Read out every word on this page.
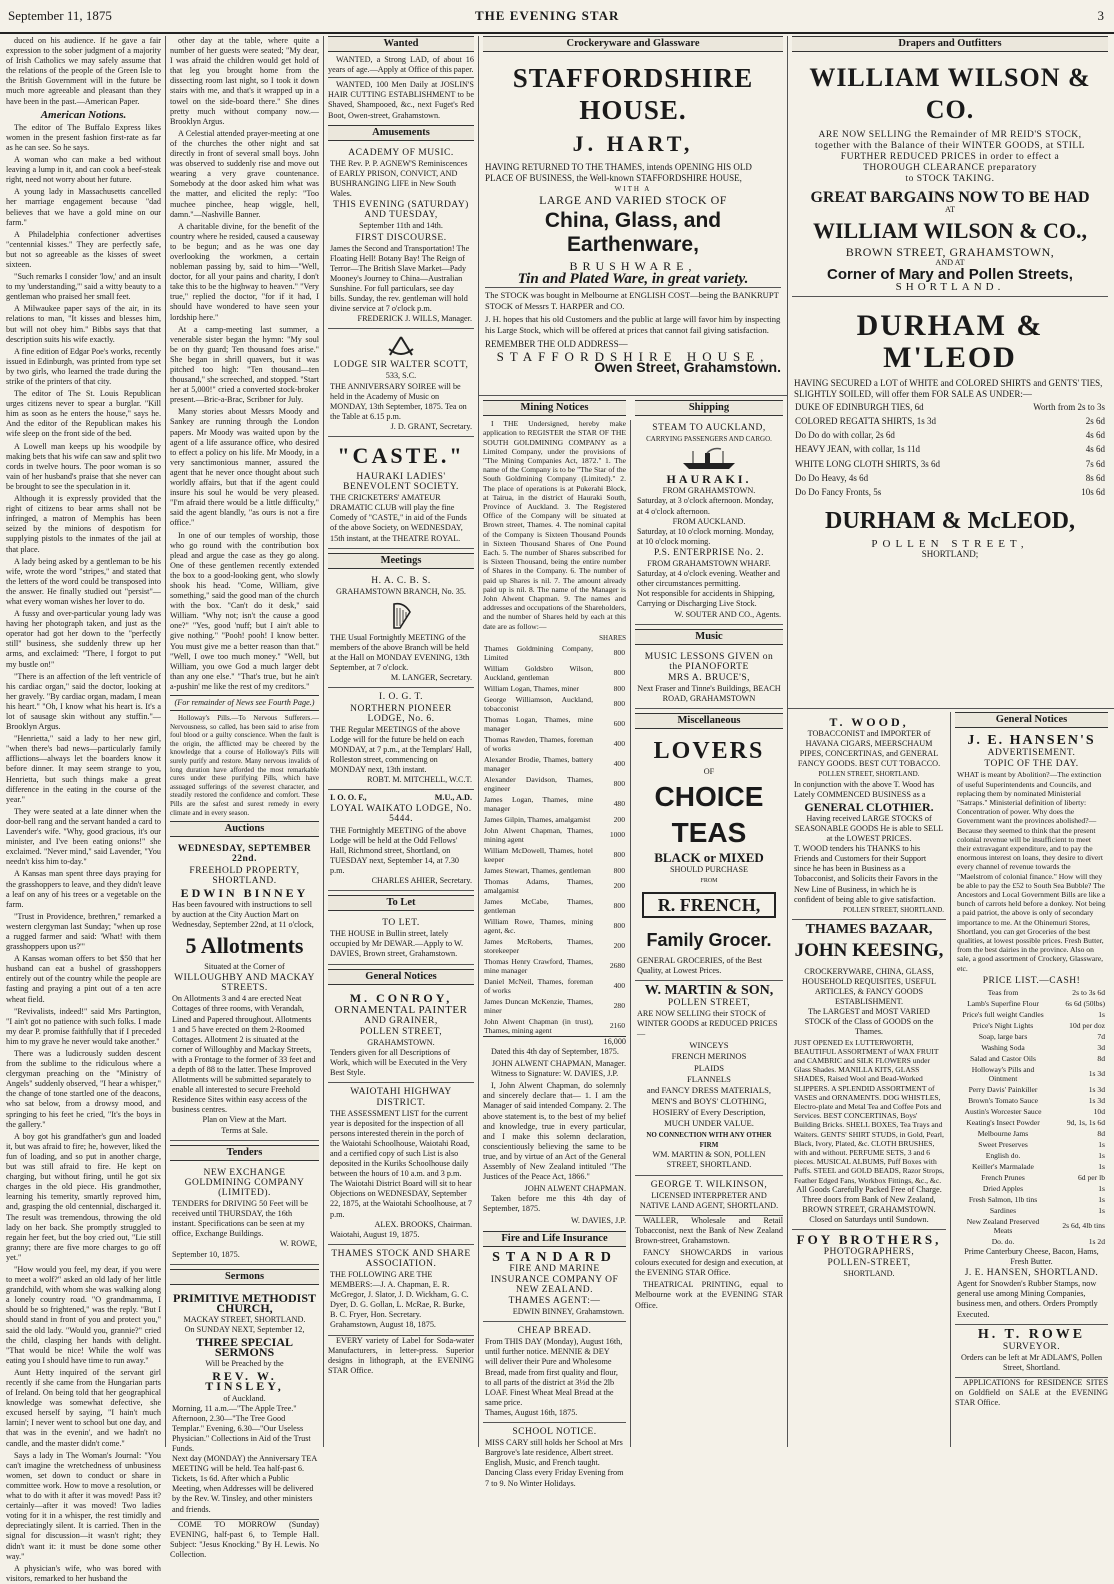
September 11, 1875	THE EVENING STAR	3

duced on his audience. If he gave a fair expression to the sober judgment of a majority of Irish Catholics we may safely assume that the relations of the people of the Green Isle to the British Government will in the future be much more agreeable and pleasant than they have been in the past.—American Paper.

American Notions.

The editor of The Buffalo Express likes women in the present fashion first-rate as far as he can see. So he says.

A woman who can make a bed without leaving a lump in it, and can cook a beef-steak right, need not worry about her future.

A young lady in Massachusetts cancelled her marriage engagement because "dad believes that we have a gold mine on our farm."

A Philadelphia confectioner advertises "centennial kisses." They are perfectly safe, but not so agreeable as the kisses of sweet sixteen.

"Such remarks I consider 'low,' and an insult to my 'understanding,'" said a witty beauty to a gentleman who praised her small feet.

A Milwaukee paper says of the air, in its relations to man, "It kisses and blesses him, but will not obey him." Bibbs says that that description suits his wife exactly.

A fine edition of Edgar Poe's works, recently issued in Edinburgh, was printed from type set by two girls, who learned the trade during the strike of the printers of that city.

The editor of The St. Louis Republican urges citizens never to spear a burglar. "Kill him as soon as he enters the house," says he. And the editor of the Republican makes his wife sleep on the front side of the bed.

A Lowell man keeps up his woodpile by making bets that his wife can saw and split two cords in twelve hours. The poor woman is so vain of her husband's praise that she never can be brought to see the speculation in it.

Although it is expressly provided that the right of citizens to bear arms shall not be infringed, a matron of Memphis has been seized by the minions of despotism for supplying pistols to the inmates of the jail at that place.

A lady being asked by a gentleman to be his wife, wrote the word "stripes," and stated that the letters of the word could be transposed into the answer. He finally studied out "persist"—what every woman wishes her lover to do.

A fussy and over-particular young lady was having her photograph taken, and just as the operator had got her down to the "perfectly still" business, she suddenly threw up her arms, and exclaimed: "There, I forgot to put my bustle on!"

"There is an affection of the left ventricle of his cardiac organ," said the doctor, looking at her gravely. "By cardiac organ, madam, I mean his heart." "Oh, I know what his heart is. It's a lot of sausage skin without any stuffin."—Brooklyn Argus.

"Henrietta," said a lady to her new girl, "when there's bad news—particularly family afflictions—always let the boarders know it before dinner. It may seem strange to you, Henrietta, but such things make a great difference in the eating in the course of the year."

They were seated at a late dinner when the door-bell rang and the servant handed a card to Lavender's wife. "Why, good gracious, it's our minister, and I've been eating onions!" she exclaimed. "Never mind," said Lavender, "You needn't kiss him to-day."

A Kansas man spent three days praying for the grasshoppers to leave, and they didn't leave a leaf on any of his trees or a vegetable on the farm.

"Trust in Providence, brethren," remarked a western clergyman last Sunday; "when up rose a rugged farmer and said: 'What! with them grasshoppers upon us?'"

A Kansas woman offers to bet $50 that her husband can eat a bushel of grasshoppers entirely out of the country while the people are fasting and praying a pint out of a ten acre wheat field.

"Revivalists, indeed!" said Mrs Partington, "I ain't got no patience with such folks. I made my dear P. promise faithfully that if I preceded him to my grave he never would take another."

There was a ludicrously sudden descent from the sublime to the ridiculous where a clergyman preaching on the "Ministry of Angels" suddenly observed, "I hear a whisper," the change of tone startled one of the deacons, who sat below, from a drowsy mood, and springing to his feet he cried, "It's the boys in the gallery."

A boy got his grandfather's gun and loaded it, but was afraid to fire; he, however, liked the fun of loading, and so put in another charge, but was still afraid to fire. He kept on charging, but without firing, until he got six charges in the old piece. His grandmother, learning his temerity, smartly reproved him, and, grasping the old centennial, discharged it. The result was tremendous, throwing the old lady on her back. She promptly struggled to regain her feet, but the boy cried out, "Lie still granny; there are five more charges to go off yet."

"How would you feel, my dear, if you were to meet a wolf?" asked an old lady of her little grandchild, with whom she was walking along a lonely country road. "O grandmamma, I should be so frightened," was the reply. "But I should stand in front of you and protect you," said the old lady. "Would you, grannie?" cried the child, clasping her hands with delight. "That would be nice! While the wolf was eating you I should have time to run away."

Aunt Hetty inquired of the servant girl recently if she came from the Hungarian parts of Ireland. On being told that her geographical knowledge was somewhat defective, she excused herself by saying, "I hain't much larnin'; I never went to school but one day, and that was in the evenin', and we hadn't no candle, and the master didn't come."

Says a lady in The Woman's Journal: "You can't imagine the wretchedness of unbusiness women, set down to conduct or share in committee work. How to move a resolution, or what to do with it after it was moved! Pass it? certainly—after it was moved! Two ladies voting for it in a whisper, the rest timidly and depreciatingly silent. It is carried. Then in the signal for discussion—it wasn't right; they didn't want it: it must be done some other way."

A physician's wife, who was bored with visitors, remarked to her husband the

other day at the table, where quite a number of her guests were seated; "My dear, I was afraid the children would get hold of that leg you brought home from the dissecting room last night, so I took it down stairs with me, and that's it wrapped up in a towel on the side-board there." She dines pretty much without company now.—Brooklyn Argus.

A Celestial attended prayer-meeting at one of the churches the other night and sat directly in front of several small boys. John was observed to suddenly rise and move out wearing a very grave countenance. Somebody at the door asked him what was the matter, and elicited the reply: "Too muchee pinchee, heap wiggle, hell, damn."—Nashville Banner.

A charitable divine, for the benefit of the country where he resided, caused a causeway to be begun; and as he was one day overlooking the workmen, a certain nobleman passing by, said to him—"Well, doctor, for all your pains and charity, I don't take this to be the highway to heaven." "Very true," replied the doctor, "for if it had, I should have wondered to have seen your lordship here."

At a camp-meeting last summer, a venerable sister began the hymn: "My soul be on thy guard; Ten thousand foes arise." She began in shrill quavers, but it was pitched too high: "Ten thousand—ten thousand," she screeched, and stopped. "Start her at 5,000!" cried a converted stock-broker present.—Bric-a-Brac, Scribner for July.

Many stories about Messrs Moody and Sankey are running through the London papers. Mr Moody was waited upon by the agent of a life assurance office, who desired to effect a policy on his life. Mr Moody, in a very sanctimonious manner, assured the agent that he never once thought about such worldly affairs, but that if the agent could insure his soul he would be very pleased. "I'm afraid there would be a little difficulty," said the agent blandly, "as ours is not a fire office."

In one of our temples of worship, those who go round with the contribution box plead and argue the case as they go along. One of these gentlemen recently extended the box to a good-looking gent, who slowly shook his head. "Come, William, give something," said the good man of the church with the box. "Can't do it desk," said William. "Why not; isn't the cause a good one?" "Yes, good 'nuff; but I ain't able to give nothing." "Pooh! pooh! I know better. You must give me a better reason than that." "Well, I owe too much money." "Well, but William, you owe God a much larger debt than any one else." "That's true, but he ain't a-pushin' me like the rest of my creditors."

(For remainder of News see Fourth Page.)

Holloway's Pills.—To Nervous Sufferers.—Nervousness, so called, has been said to arise from foul blood or a guilty conscience. When the fault is the origin, the afflicted may be cheered by the knowledge that a course of Holloway's Pills will surely purify and restore. Many nervous invalids of long duration have afforded the most remarkable cures under these purifying Pills, which have assuaged sufferings of the severest character, and steadily restored the confidence and comfort. These Pills are the safest and surest remedy in every climate and in every season.

Auctions
WEDNESDAY, SEPTEMBER 22nd.
FREEHOLD PROPERTY, SHORTLAND.
EDWIN BINNEY
Has been favoured with instructions to sell by auction at the City Auction Mart on Wednesday, September 22nd, at 11 o'clock,
5 Allotments
Situated at the Corner of
WILLOUGHBY AND MACKAY STREETS.
On Allotments 3 and 4 are erected Neat Cottages of three rooms, with Verandah, Lined and Papered throughout. Allotments 1 and 5 have erected on them 2-Roomed Cottages. Allotment 2 is situated at the corner of Willoughby and Mackay Streets, with a Frontage to the former of 33 feet and a depth of 88 to the latter. These Improved Allotments will be submitted separately to enable all interested to secure Freehold Residence Sites within easy access of the business centres.
Plan on View at the Mart.
Terms at Sale.
Tenders
NEW EXCHANGE GOLDMINING COMPANY (LIMITED).
TENDERS for DRIVING 50 Feet will be received until THURSDAY, the 16th instant. Specifications can be seen at my office, Exchange Buildings.
W. ROWE,
September 10, 1875.
Sermons
PRIMITIVE METHODIST CHURCH,
MACKAY STREET, SHORTLAND.
On SUNDAY NEXT, September 12,
THREE SPECIAL SERMONS
Will be Preached by the
REV. W. TINSLEY,
of Auckland.
Morning, 11 a.m.—"The Apple Tree." Afternoon, 2.30—"The Tree Good Templar." Evening, 6.30—"Our Useless Physician." Collections in Aid of the Trust Funds.
Next day (MONDAY) the Anniversary TEA MEETING will be held. Tea half-past 6. Tickets, 1s 6d. After which a Public Meeting, when Addresses will be delivered by the Rev. W. Tinsley, and other ministers and friends.

COME TO MORROW (Sunday) EVENING, half-past 6, to Temple Hall. Subject: "Jesus Knocking." By H. Lewis. No Collection.

Wanted

WANTED, a Strong LAD, of about 16 years of age.—Apply at Office of this paper.

WANTED, 100 Men Daily at JOSLIN'S HAIR CUTTING ESTABLISHMENT to be Shaved, Shampooed, &c., next Fuget's Red Boot, Owen-street, Grahamstown.

Amusements
ACADEMY OF MUSIC.
THE Rev. P. P. AGNEW'S Reminiscences of EARLY PRISON, CONVICT, AND BUSHRANGING LIFE in New South Wales.
THIS EVENING (SATURDAY) AND TUESDAY,
September 11th and 14th.
FIRST DISCOURSE.
James the Second and Transportation! The Floating Hell! Botany Bay! The Reign of Terror—The British Slave Market—Pady Mooney's Journey to China—Australian Sunshine. For full particulars, see day bills. Sunday, the rev. gentleman will hold divine service at 7 o'clock p.m.
FREDERICK J. WILLS, Manager.
LODGE SIR WALTER SCOTT,
533, S.C.
THE ANNIVERSARY SOIREE will be held in the Academy of Music on MONDAY, 13th September, 1875. Tea on the Table at 6.15 p.m.
J. D. GRANT, Secretary.
"CASTE."
HAURAKI LADIES' BENEVOLENT SOCIETY.
THE CRICKETERS' AMATEUR DRAMATIC CLUB will play the fine Comedy of "CASTE," in aid of the Funds of the above Society, on WEDNESDAY, 15th instant, at the THEATRE ROYAL.
Meetings
H. A. C. B. S.
GRAHAMSTOWN BRANCH, No. 35.
THE Usual Fortnightly MEETING of the members of the above Branch will be held at the Hall on MONDAY EVENING, 13th September, at 7 o'clock.
M. LANGER, Secretary.
I. O. G. T.
NORTHERN PIONEER LODGE, No. 6.
THE Regular MEETINGS of the above Lodge will for the future be held on each MONDAY, at 7 p.m., at the Templars' Hall, Rolleston street, commencing on MONDAY next, 13th instant.
ROBT. M. MITCHELL, W.C.T.
I. O. O. F.,	M.U., A.D.
LOYAL WAIKATO LODGE, No. 5444.
THE Fortnightly MEETING of the above Lodge will be held at the Odd Fellows' Hall, Richmond street, Shortland, on TUESDAY next, September 14, at 7.30 p.m.
CHARLES AHIER, Secretary.
To Let
TO LET.
THE HOUSE in Bullin street, lately occupied by Mr DEWAR.—Apply to W. DAVIES, Brown street, Grahamstown.
General Notices
M. CONROY,
ORNAMENTAL PAINTER
AND GRAINER,
POLLEN STREET,
GRAHAMSTOWN.
Tenders given for all Descriptions of Work, which will be Executed in the Very Best Style.
WAIOTAHI HIGHWAY DISTRICT.
THE ASSESSMENT LIST for the current year is deposited for the inspection of all persons interested therein in the porch of the Waiotahi Schoolhouse, Waiotahi Road, and a certified copy of such List is also deposited in the Kuriks Schoolhouse daily between the hours of 10 a.m. and 3 p.m. The Waiotahi District Board will sit to hear Objections on WEDNESDAY, September 22, 1875, at the Waiotahi Schoolhouse, at 7 p.m.
ALEX. BROOKS, Chairman.
Waiotahi, August 19, 1875.
THAMES STOCK AND SHARE ASSOCIATION.
THE FOLLOWING ARE THE MEMBERS:—J. A. Chapman, E. R. McGregor, J. Slator, J. D. Wickham, G. C. Dyer, D. G. Gollan, L. McRae, R. Burke, B. C. Fryer, Hon. Secretary.
Grahamstown, August 18, 1875.

EVERY variety of Label for Soda-water Manufacturers, in letter-press. Superior designs in lithograph, at the EVENING STAR Office.

Crockeryware and Glassware
STAFFORDSHIRE HOUSE.
J. HART,
HAVING RETURNED TO THE THAMES, intends OPENING HIS OLD PLACE OF BUSINESS, the Well-known STAFFORDSHIRE HOUSE,
WITH A
LARGE AND VARIED STOCK OF
China, Glass, and Earthenware,
BRUSHWARE,
Tin and Plated Ware, in great variety.
The STOCK was bought in Melbourne at ENGLISH COST—being the BANKRUPT STOCK of Messrs T. HARPER and CO.
J. H. hopes that his old Customers and the public at large will favor him by inspecting his Large Stock, which will be offered at prices that cannot fail giving satisfaction.
REMEMBER THE OLD ADDRESS—
STAFFORDSHIRE HOUSE,
Owen Street, Grahamstown.
Mining Notices

I THE Undersigned, hereby make application to REGISTER the STAR OF THE SOUTH GOLDMINING COMPANY as a Limited Company, under the provisions of "The Mining Companies Act, 1872." 1. The name of the Company is to be "The Star of the South Goldmining Company (Limited)." 2. The place of operations is at Pukerahi Block, at Tairua, in the district of Hauraki South, Province of Auckland. 3. The Registered Office of the Company will be situated at Brown street, Thames. 4. The nominal capital of the Company is Sixteen Thousand Pounds in Sixteen Thousand Shares of One Pound Each. 5. The number of Shares subscribed for is Sixteen Thousand, being the entire number of Shares in the Company. 6. The number of paid up Shares is nil. 7. The amount already paid up is nil. 8. The name of the Manager is John Alwent Chapman. 9. The names and addresses and occupations of the Shareholders, and the number of Shares held by each at this date are as follow:—

SHARES
Thames Goldmining Company, Limited	800
William Goldsbro Wilson, Auckland, gentleman	800
William Logan, Thames, miner	800
George Williamson, Auckland, tobacconist	800
Thomas Logan, Thames, mine manager	600
Thomas Rawden, Thames, foreman of works	400
Alexander Brodie, Thames, battery manager	400
Alexander Davidson, Thames, engineer	800
James Logan, Thames, mine manager	480
James Gilpin, Thames, amalgamist	200
John Alwent Chapman, Thames, mining agent	1000
William McDowell, Thames, hotel keeper	800
James Stewart, Thames, gentleman	800
Thomas Adams, Thames, amalgamist	200
James McCabe, Thames, gentleman	800
William Rowe, Thames, mining agent, &c.	800
James McRoberts, Thames, storekeeper	200
Thomas Henry Crawford, Thames, mine manager	2680
Daniel McNeil, Thames, foreman of works	400
James Duncan McKenzie, Thames, miner	280
John Alwent Chapman (in trust), Thames, mining agent	2160
16,000

Dated this 4th day of September, 1875.

JOHN ALWENT CHAPMAN, Manager.

Witness to Signature: W. DAVIES, J.P.

I, John Alwent Chapman, do solemnly and sincerely declare that— 1. I am the Manager of said intended Company. 2. The above statement is, to the best of my belief and knowledge, true in every particular, and I make this solemn declaration, conscientiously believing the same to be true, and by virtue of an Act of the General Assembly of New Zealand intituled "The Justices of the Peace Act, 1866."

JOHN ALWENT CHAPMAN.

Taken before me this 4th day of September, 1875.

W. DAVIES, J.P.
Fire and Life Insurance
STANDARD
FIRE AND MARINE
INSURANCE COMPANY OF NEW ZEALAND.
THAMES AGENT:—
EDWIN BINNEY, Grahamstown.
CHEAP BREAD.
From THIS DAY (Monday), August 16th, until further notice. MENNIE & DEY will deliver their Pure and Wholesome Bread, made from first quality and flour, to all parts of the district at 3½d the 2lb LOAF. Finest Wheat Meal Bread at the same price.
Thames, August 16th, 1875.
SCHOOL NOTICE.
MISS CARY still holds her School at Mrs Bargrove's late residence, Albert street. English, Music, and French taught. Dancing Class every Friday Evening from 7 to 9. No Winter Holidays.
Shipping
STEAM TO AUCKLAND,
CARRYING PASSENGERS AND CARGO.
HAURAKI.
FROM GRAHAMSTOWN.
Saturday, at 3 o'clock afternoon. Monday, at 4 o'clock afternoon.
FROM AUCKLAND.
Saturday, at 10 o'clock morning. Monday, at 10 o'clock morning.
P.S. ENTERPRISE No. 2.
FROM GRAHAMSTOWN WHARF.
Saturday, at 4 o'clock evening. Weather and other circumstances permitting.
Not responsible for accidents in Shipping, Carrying or Discharging Live Stock.
W. SOUTER AND CO., Agents.
Music
MUSIC LESSONS GIVEN on the PIANOFORTE
MRS A. BRUCE'S,
Next Fraser and Tinne's Buildings, BEACH ROAD, GRAHAMSTOWN
Miscellaneous
LOVERS
OF
CHOICE TEAS
BLACK or MIXED
SHOULD PURCHASE
FROM
R. FRENCH,
Family Grocer.
GENERAL GROCERIES, of the Best Quality, at Lowest Prices.
W. MARTIN & SON,
POLLEN STREET,
ARE NOW SELLING their STOCK of WINTER GOODS at REDUCED PRICES—
WINCEYS
FRENCH MERINOS
PLAIDS
FLANNELS
and FANCY DRESS MATERIALS,
MEN'S and BOYS' CLOTHING,
HOSIERY of Every Description,
MUCH UNDER VALUE.
NO CONNECTION WITH ANY OTHER FIRM
WM. MARTIN & SON, POLLEN STREET, SHORTLAND.
GEORGE T. WILKINSON,
LICENSED INTERPRETER AND NATIVE LAND AGENT, SHORTLAND.

WALLER, Wholesale and Retail Tobacconist, next the Bank of New Zealand Brown-street, Grahamstown.

FANCY SHOWCARDS in various colours executed for design and execution, at the EVENING STAR Office.

THEATRICAL PRINTING, equal to Melbourne work at the EVENING STAR Office.

Drapers and Outfitters
WILLIAM WILSON & CO.
ARE NOW SELLING the Remainder of MR REID'S STOCK,
together with the Balance of their WINTER GOODS, at STILL
FURTHER REDUCED PRICES in order to effect a
THOROUGH CLEARANCE preparatory
to STOCK TAKING.
GREAT BARGAINS NOW TO BE HAD
AT
WILLIAM WILSON & CO.,
BROWN STREET, GRAHAMSTOWN,
AND AT
Corner of Mary and Pollen Streets,
SHORTLAND.
DURHAM & M'LEOD
HAVING SECURED a LOT of WHITE and COLORED SHIRTS and GENTS' TIES, SLIGHTLY SOILED, will offer them FOR SALE AS UNDER:—
DUKE OF EDINBURGH TIES, 6d	Worth from 2s to 3s
COLORED REGATTA SHIRTS, 1s 3d	2s 6d
Do Do do with collar, 2s 6d	4s 6d
HEAVY JEAN, with collar, 1s 11d	4s 6d
WHITE LONG CLOTH SHIRTS, 3s 6d	7s 6d
Do Do Heavy, 4s 6d	8s 6d
Do Do Fancy Fronts, 5s	10s 6d
DURHAM & McLEOD,
POLLEN STREET,
SHORTLAND;
T. WOOD,
TOBACCONIST and IMPORTER of HAVANA CIGARS, MEERSCHAUM PIPES, CONCERTINAS, and GENERAL FANCY GOODS. BEST CUT TOBACCO.
POLLEN STREET, SHORTLAND.
In conjunction with the above T. Wood has Lately COMMENCED BUSINESS as a
GENERAL CLOTHIER.
Having received LARGE STOCKS of SEASONABLE GOODS He is able to SELL at the LOWEST PRICES.
T. WOOD tenders his THANKS to his Friends and Customers for their Support since he has been in Business as a Tobacconist, and Solicits their Favors in the New Line of Business, in which he is confident of being able to give satisfaction.
POLLEN STREET, SHORTLAND.
THAMES BAZAAR,
JOHN KEESING,
CROCKERYWARE, CHINA, GLASS, HOUSEHOLD REQUISITES, USEFUL ARTICLES, & FANCY GOODS ESTABLISHMENT.
The LARGEST and MOST VARIED STOCK of the Class of GOODS on the Thames.
JUST OPENED Ex LUTTERWORTH, BEAUTIFUL ASSORTMENT of WAX FRUIT and CAMBRIC and SILK FLOWERS under Glass Shades. MANILLA KITS, GLASS SHADES, Raised Wool and Bead-Worked SLIPPERS. A SPLENDID ASSORTMENT of VASES and ORNAMENTS. DOG WHISTLES, Electro-plate and Metal Tea and Coffee Pots and Services. BEST CONCERTINAS, Boys' Building Bricks. SHELL BOXES, Tea Trays and Waiters. GENTS' SHIRT STUDS, in Gold, Pearl, Black, Ivory, Plated, &c. CLOTH BRUSHES, with and without. PERFUME SETS, 3 and 6 pieces. MUSICAL ALBUMS, Puff Boxes with Puffs. STEEL and GOLD BEADS, Razor Strops, Feather Edged Fans, Workbox Fittings, &c., &c.
All Goods Carefully Packed Free of Charge.
Three doors from Bank of New Zealand, BROWN STREET, GRAHAMSTOWN.
Closed on Saturdays until Sundown.
FOY BROTHERS,
PHOTOGRAPHERS,
POLLEN-STREET,
SHORTLAND.
General Notices
J. E. HANSEN'S
ADVERTISEMENT.
TOPIC OF THE DAY.
WHAT is meant by Abolition?—The extinction of useful Superintendents and Councils, and replacing them by nominated Ministerial "Satraps." Ministerial definition of liberty: Concentration of power. Why does the Government want the provinces abolished?—Because they seemed to think that the present colonial revenue will be insufficient to meet their extravagant expenditure, and to pay the enormous interest on loans, they desire to divert every channel of revenue towards the "Maelstrom of colonial finance." How will they be able to pay the £52 to South Sea Bubble? The Ancestors and Local Government Bills are like a bunch of carrots held before a donkey. Not being a paid patriot, the above is only of secondary importance to me. At the Ohinemuri Stores, Shortland, you can get Groceries of the best qualities, at lowest possible prices. Fresh Butter, from the best dairies in the province. Also on sale, a good assortment of Crockery, Glassware, etc.
PRICE LIST.—CASH!
Teas from	2s to 3s 6d
Lamb's Superfine Flour	6s 6d (50lbs)
Price's full weight Candles	1s
Price's Night Lights	10d per doz
Soap, large bars	7d
Washing Soda	3d
Salad and Castor Oils	8d
Holloway's Pills and Ointment	1s 3d
Perry Davis' Painkiller	1s 3d
Brown's Tomato Sauce	1s 3d
Austin's Worcester Sauce	10d
Keating's Insect Powder	9d, 1s, 1s 6d
Melbourne Jams	8d
Sweet Preserves	1s
English do.	1s
Keiller's Marmalade	1s
French Prunes	6d per lb
Dried Apples	1s
Fresh Salmon, 1lb tins	1s
Sardines	1s
New Zealand Preserved Meats	2s 6d, 4lb tins
Do. do.	1s 2d
Prime Canterbury Cheese, Bacon, Hams, Fresh Butter.
J. E. HANSEN, SHORTLAND.
Agent for Snowden's Rubber Stamps, now general use among Mining Companies, business men, and others. Orders Promptly Executed.
H. T. ROWE
SURVEYOR.
Orders can be left at Mr ADLAM'S, Pollen Street, Shortland.

APPLICATIONS for RESIDENCE SITES on Goldfield on SALE at the EVENING STAR Office.
